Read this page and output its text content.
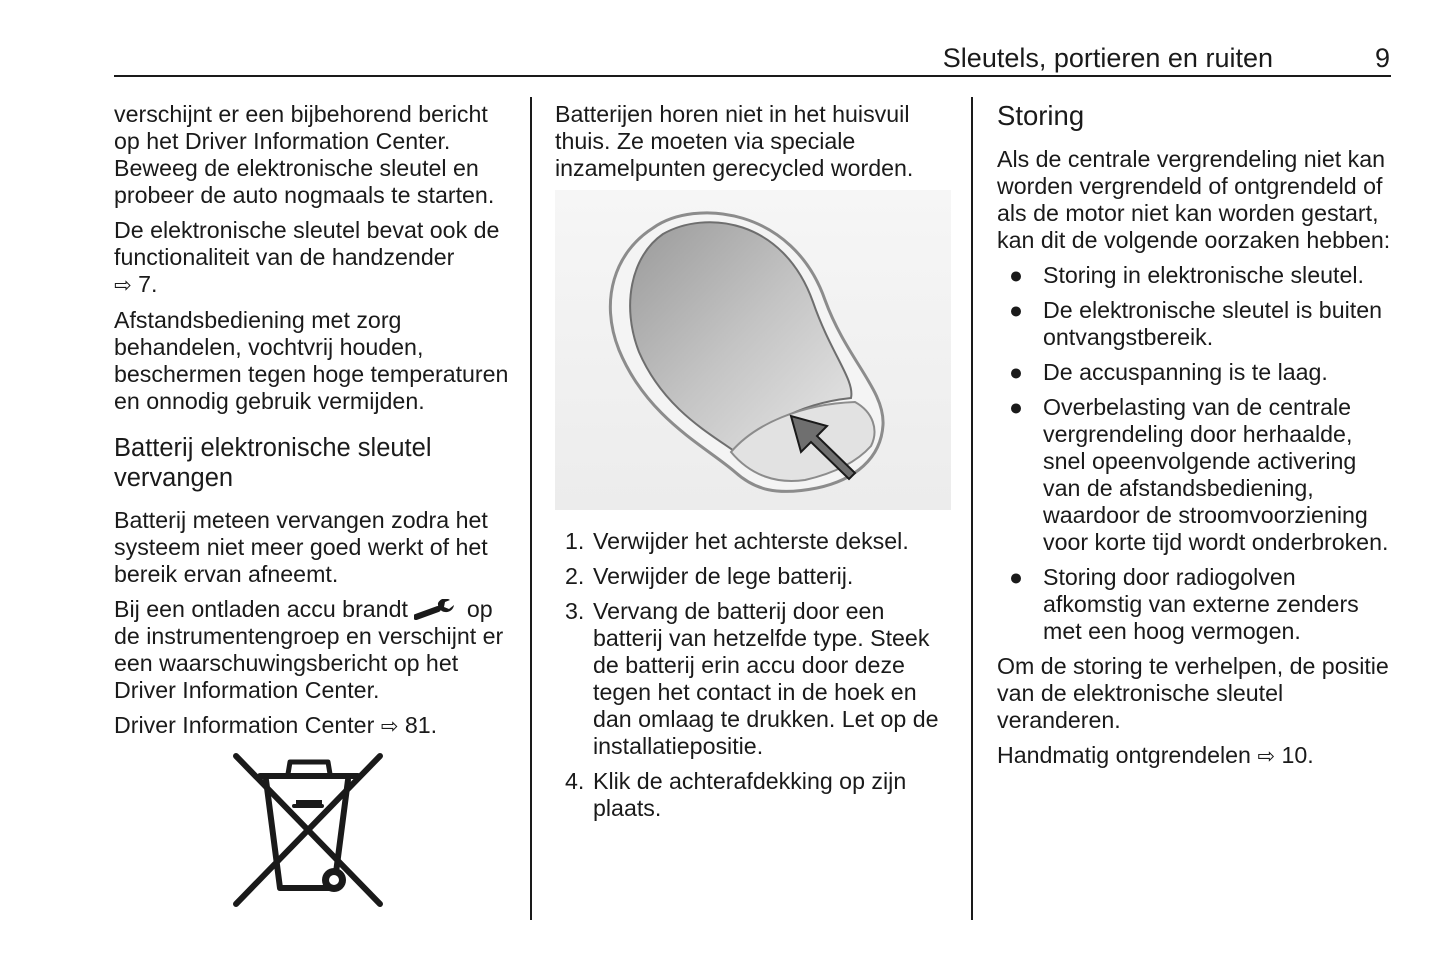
Sleutels, portieren en ruiten	9

verschijnt er een bijbehorend bericht op het Driver Information Center. Beweeg de elektronische sleutel en probeer de auto nogmaals te starten.

De elektronische sleutel bevat ook de functionaliteit van de handzender
⇨ 7.

Afstandsbediening met zorg behandelen, vochtvrij houden, beschermen tegen hoge temperaturen en onnodig gebruik vermijden.

Batterij elektronische sleutel vervangen

Batterij meteen vervangen zodra het systeem niet meer goed werkt of het bereik ervan afneemt.

Bij een ontladen accu brandt	op de instrumentengroep en verschijnt er een waarschuwingsbericht op het Driver Information Center.

Driver Information Center ⇨ 81.

Batterijen horen niet in het huisvuil thuis. Ze moeten via speciale inzamelpunten gerecycled worden.

1. Verwijder het achterste deksel.
2. Verwijder de lege batterij.
3. Vervang de batterij door een batterij van hetzelfde type. Steek de batterij erin accu door deze tegen het contact in de hoek en dan omlaag te drukken. Let op de installatiepositie.
4. Klik de achterafdekking op zijn plaats.
Storing

Als de centrale vergrendeling niet kan worden vergrendeld of ontgrendeld of als de motor niet kan worden gestart, kan dit de volgende oorzaken hebben:

● Storing in elektronische sleutel.
● De elektronische sleutel is buiten ontvangstbereik.
● De accuspanning is te laag.
● Overbelasting van de centrale vergrendeling door herhaalde, snel opeenvolgende activering van de afstandsbediening, waardoor de stroomvoorziening voor korte tijd wordt onderbroken.
● Storing door radiogolven afkomstig van externe zenders met een hoog vermogen.

Om de storing te verhelpen, de positie van de elektronische sleutel veranderen.

Handmatig ontgrendelen ⇨ 10.
